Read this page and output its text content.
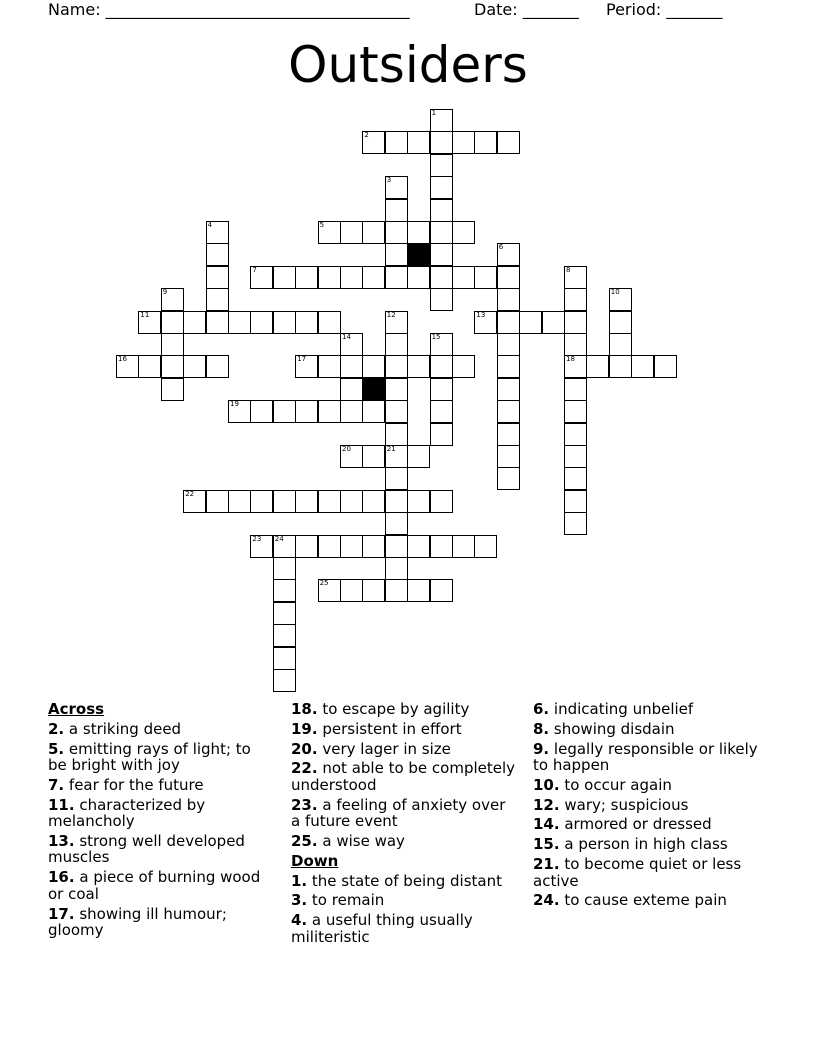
Name: ______________________________________	Date: _______ Period: _______
Outsiders
1
2
3
4	5
6
7	8
18
9	10
11	12	13
14	15
16	17
19
20	21
22
23 24
25
Across
2. a striking deed
5. emitting rays of light; to be bright with joy
7. fear for the future
11. characterized by melancholy
13. strong well developed muscles
16. a piece of burning wood or coal
17. showing ill humour; gloomy
18. to escape by agility
19. persistent in effort
20. very lager in size
22. not able to be completely understood
23. a feeling of anxiety over a future event
25. a wise way
Down
1. the state of being distant
3. to remain
4. a useful thing usually militeristic
6. indicating unbelief
8. showing disdain
9. legally responsible or likely to happen
10. to occur again
12. wary; suspicious
14. armored or dressed
15. a person in high class
21. to become quiet or less active
24. to cause exteme pain
